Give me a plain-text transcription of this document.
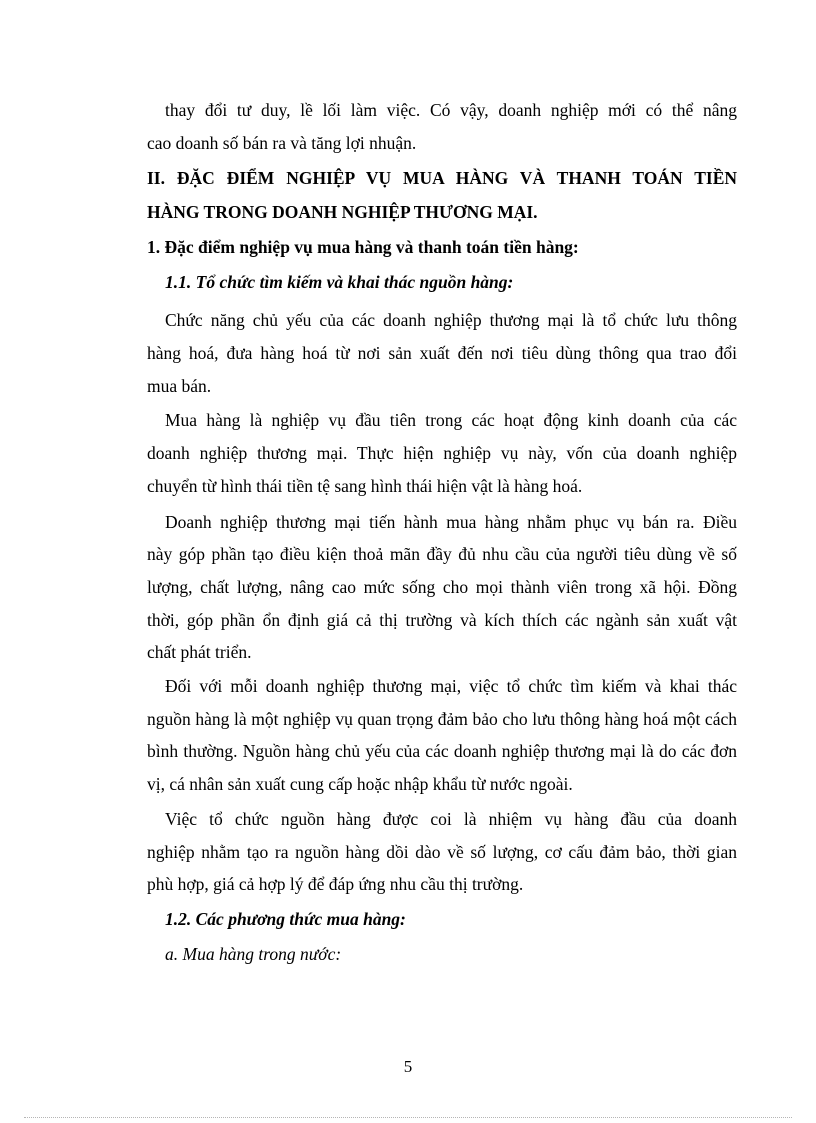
thay đổi tư duy, lề lối làm việc. Có vậy, doanh nghiệp mới có thể nâng
cao doanh số bán ra và tăng lợi nhuận.
II. ĐẶC ĐIỂM NGHIỆP VỤ MUA HÀNG VÀ THANH TOÁN TIỀN
HÀNG TRONG DOANH NGHIỆP THƯƠNG MẠI.
1. Đặc điểm nghiệp vụ mua hàng và thanh toán tiền hàng:
1.1. Tổ chức tìm kiếm và khai thác nguồn hàng:
Chức năng chủ yếu của các doanh nghiệp thương mại là tổ chức lưu thông
hàng hoá, đưa hàng hoá từ nơi sản xuất đến nơi tiêu dùng thông qua trao đổi
mua bán.
Mua hàng là nghiệp vụ đầu tiên trong các hoạt động kinh doanh của các
doanh nghiệp thương mại. Thực hiện nghiệp vụ này, vốn của doanh nghiệp
chuyển từ hình thái tiền tệ sang hình thái hiện vật là hàng hoá.
Doanh nghiệp thương mại tiến hành mua hàng nhằm phục vụ bán ra. Điều
này góp phần tạo điều kiện thoả mãn đầy đủ nhu cầu của người tiêu dùng về số
lượng, chất lượng, nâng cao mức sống cho mọi thành viên trong xã hội. Đồng
thời, góp phần ổn định giá cả thị trường và kích thích các ngành sản xuất vật
chất phát triển.
Đối với mỗi doanh nghiệp thương mại, việc tổ chức tìm kiếm và khai thác
nguồn hàng là một nghiệp vụ quan trọng đảm bảo cho lưu thông hàng hoá một cách
bình thường. Nguồn hàng chủ yếu của các doanh nghiệp thương mại là do các đơn
vị, cá nhân sản xuất cung cấp hoặc nhập khẩu từ nước ngoài.
Việc tổ chức nguồn hàng được coi là nhiệm vụ hàng đầu của doanh
nghiệp nhằm tạo ra nguồn hàng dồi dào về số lượng, cơ cấu đảm bảo, thời gian
phù hợp, giá cả hợp lý để đáp ứng nhu cầu thị trường.
1.2. Các phương thức mua hàng:
a. Mua hàng trong nước:
5
